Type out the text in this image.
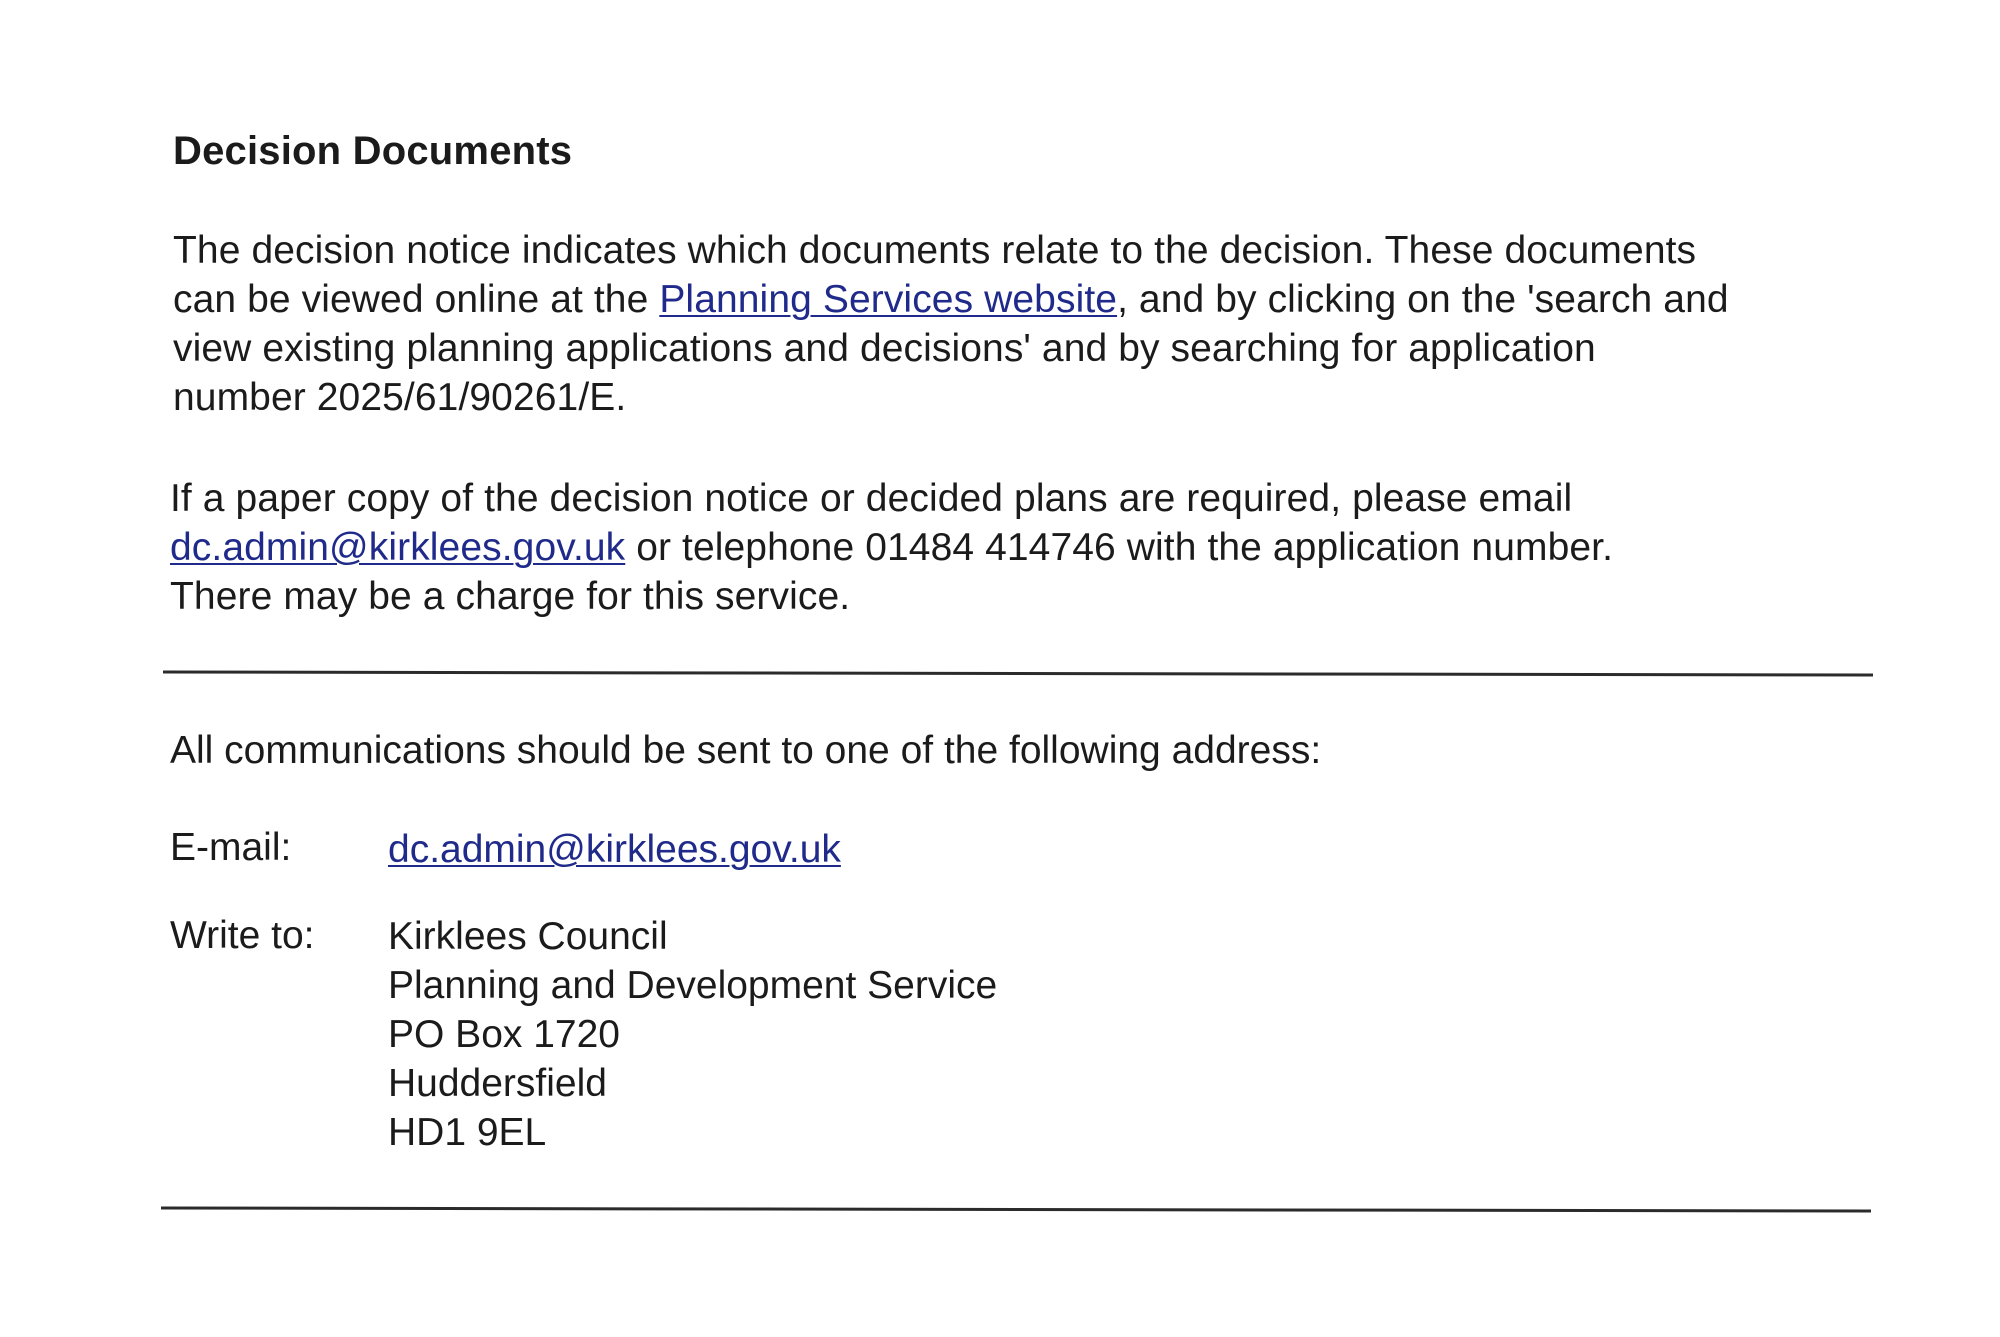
Decision Documents
The decision notice indicates which documents relate to the decision. These documents
can be viewed online at the Planning Services website, and by clicking on the 'search and
view existing planning applications and decisions' and by searching for application
number 2025/61/90261/E.
If a paper copy of the decision notice or decided plans are required, please email
dc.admin@kirklees.gov.uk or telephone 01484 414746 with the application number.
There may be a charge for this service.
All communications should be sent to one of the following address:
E-mail: dc.admin@kirklees.gov.uk
Write to: Kirklees Council
Planning and Development Service
PO Box 1720
Huddersfield
HD1 9EL
